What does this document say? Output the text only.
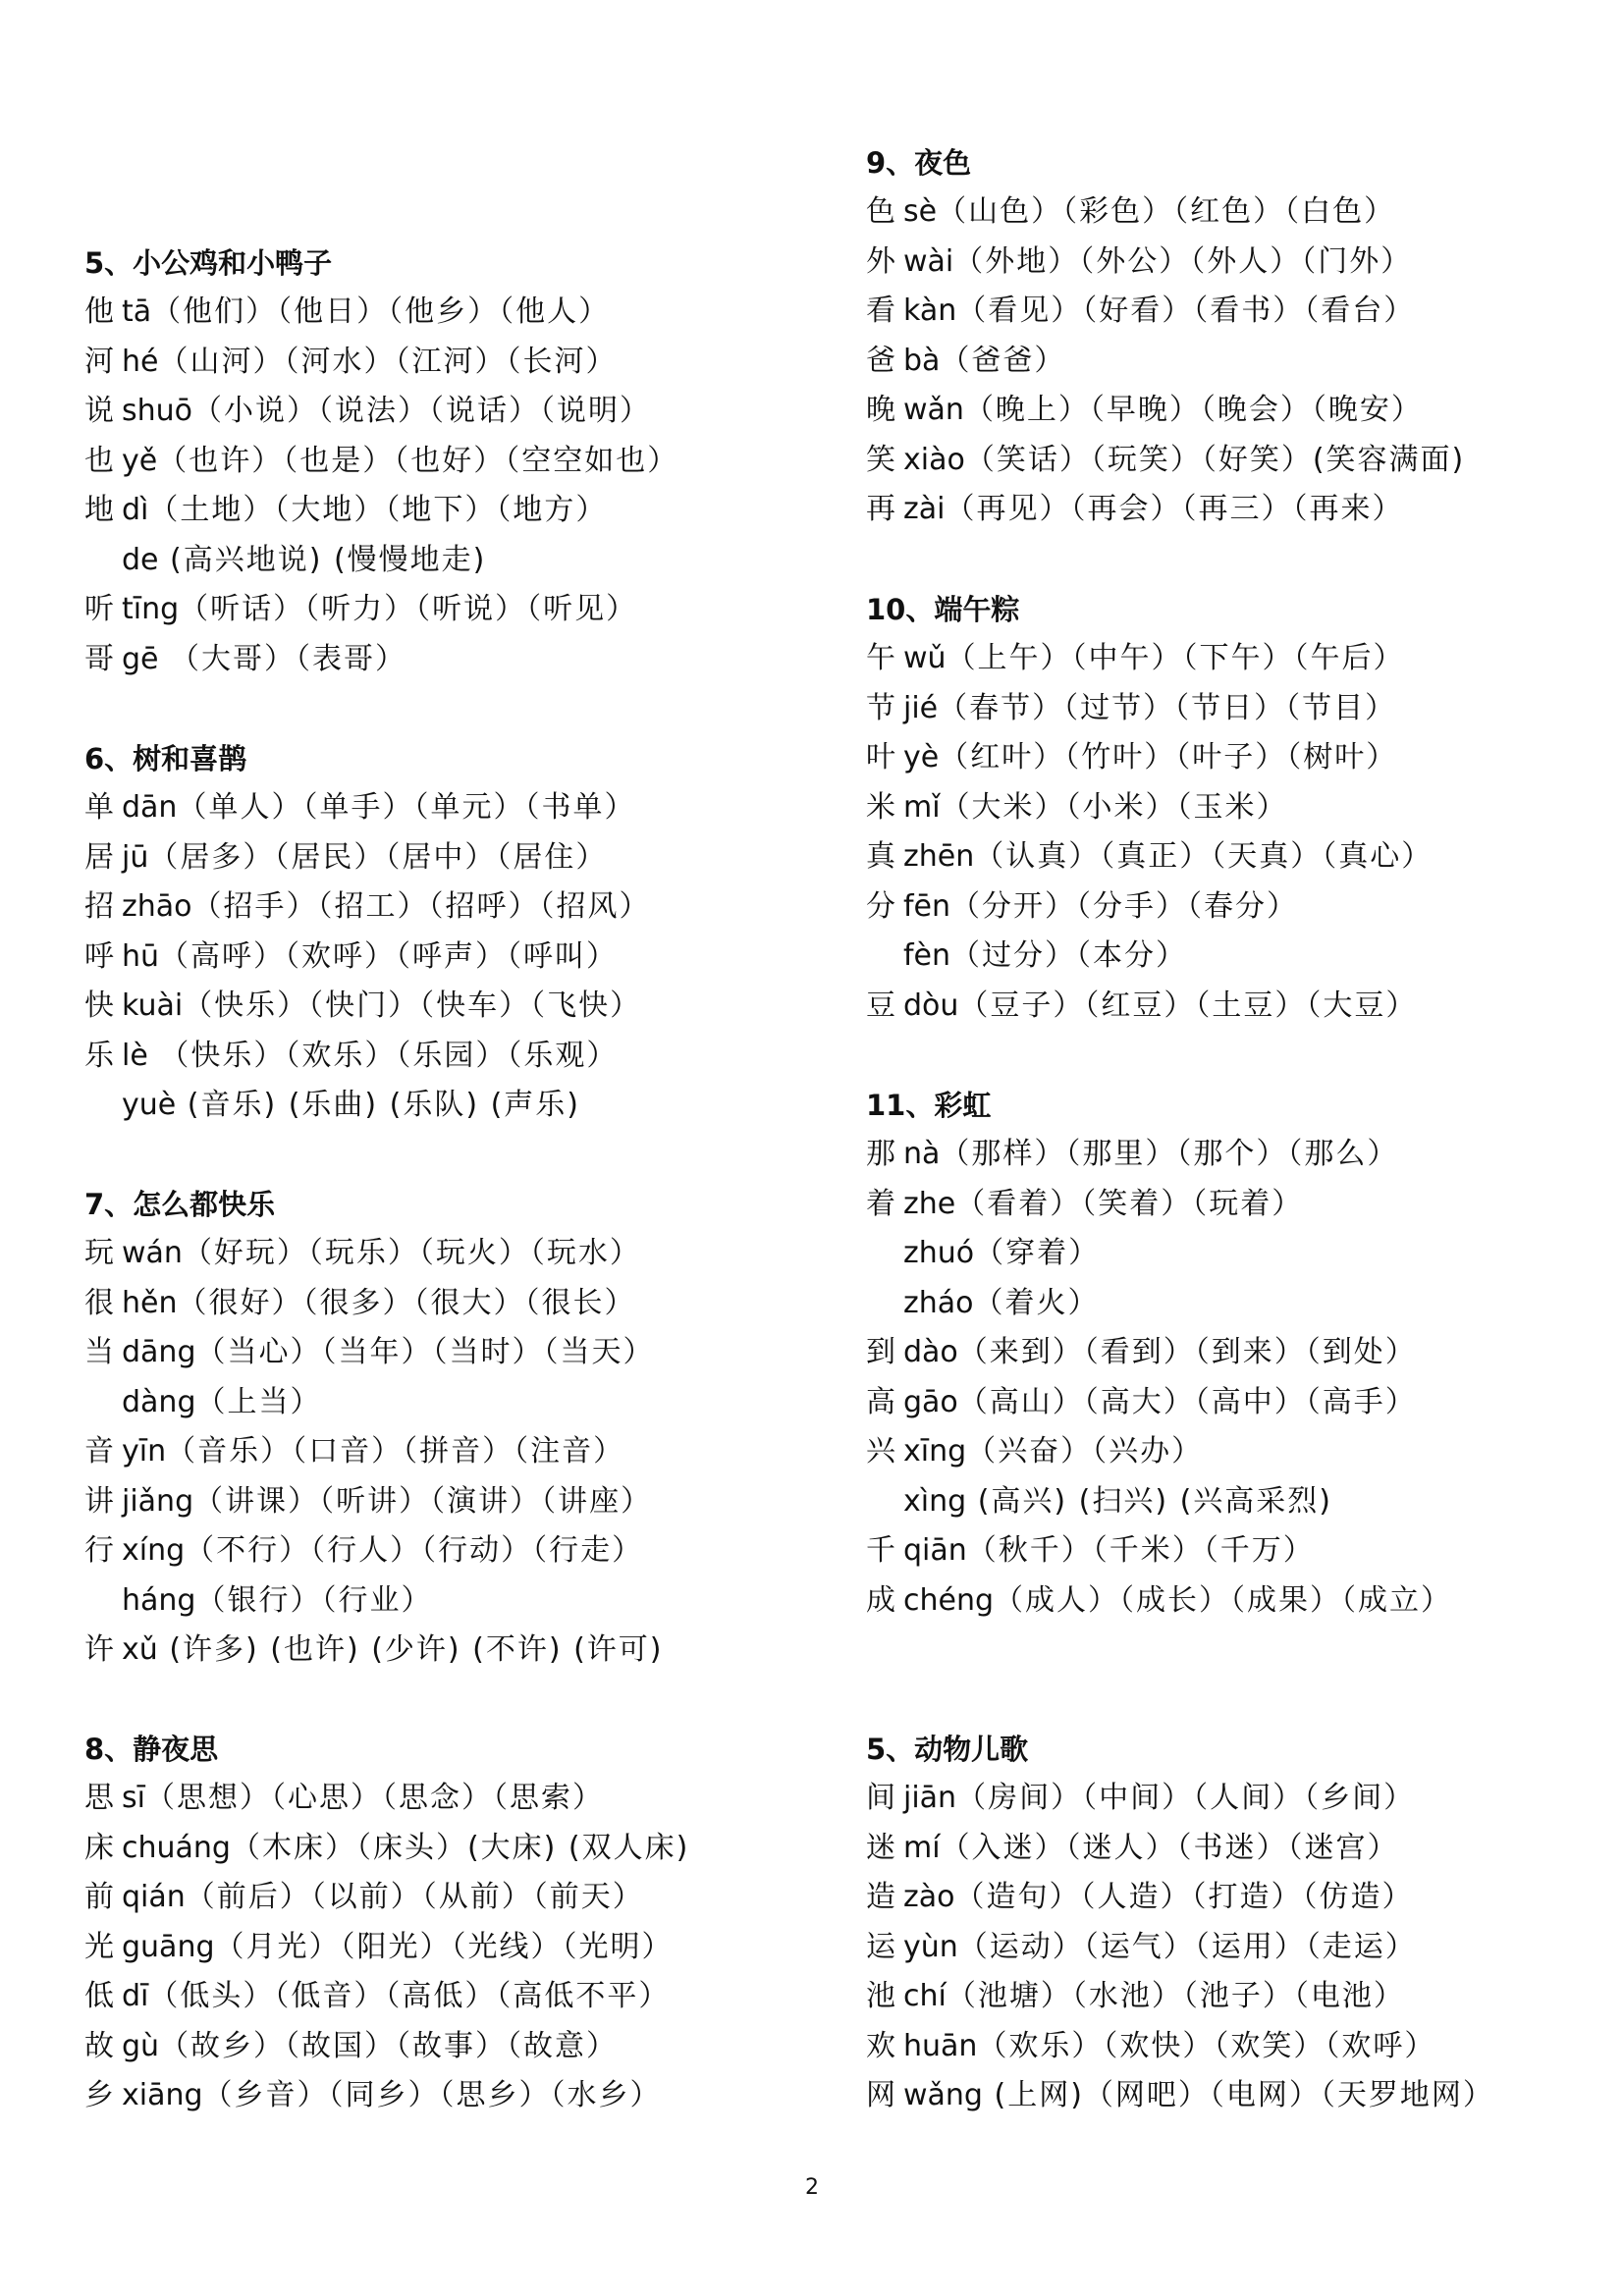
5、小公鸡和小鸭子
他 tā（他们）（他日）（他乡）（他人）
河 hé（山河）（河水）（江河）（长河）
说 shuō（小说）（说法）（说话）（说明）
也 yě（也许）（也是）（也好）（空空如也）
地 dì（土地）（大地）（地下）（地方）
de (高兴地说) (慢慢地走)
听 tīng（听话）（听力）（听说）（听见）
哥 gē （大哥）（表哥）
6、树和喜鹊
单 dān（单人）（单手）（单元）（书单）
居 jū（居多）（居民）（居中）（居住）
招 zhāo（招手）（招工）（招呼）（招风）
呼 hū（高呼）（欢呼）（呼声）（呼叫）
快 kuài（快乐）（快门）（快车）（飞快）
乐 lè （快乐）（欢乐）（乐园）（乐观）
yuè (音乐) (乐曲) (乐队) (声乐)
7、怎么都快乐
玩 wán（好玩）（玩乐）（玩火）（玩水）
很 hěn（很好）（很多）（很大）（很长）
当 dāng（当心）（当年）（当时）（当天）
dàng（上当）
音 yīn（音乐）（口音）（拼音）（注音）
讲 jiǎng（讲课）（听讲）（演讲）（讲座）
行 xíng（不行）（行人）（行动）（行走）
háng（银行）（行业）
许 xǔ (许多) (也许) (少许) (不许) (许可)
8、静夜思
思 sī（思想）（心思）（思念）（思索）
床 chuáng（木床）（床头）(大床) (双人床)
前 qián（前后）（以前）（从前）（前天）
光 guāng（月光）（阳光）（光线）（光明）
低 dī（低头）（低音）（高低）（高低不平）
故 gù（故乡）（故国）（故事）（故意）
乡 xiāng（乡音）（同乡）（思乡）（水乡）
9、夜色
色 sè（山色）（彩色）（红色）（白色）
外 wài（外地）（外公）（外人）（门外）
看 kàn（看见）（好看）（看书）（看台）
爸 bà（爸爸）
晚 wǎn（晚上）（早晚）（晚会）（晚安）
笑 xiào（笑话）（玩笑）（好笑）(笑容满面)
再 zài（再见）（再会）（再三）（再来）
10、端午粽
午 wǔ（上午）（中午）（下午）（午后）
节 jié（春节）（过节）（节日）（节目）
叶 yè（红叶）（竹叶）（叶子）（树叶）
米 mǐ（大米）（小米）（玉米）
真 zhēn（认真）（真正）（天真）（真心）
分 fēn（分开）（分手）（春分）
fèn（过分）（本分）
豆 dòu（豆子）（红豆）（土豆）（大豆）
11、彩虹
那 nà（那样）（那里）（那个）（那么）
着 zhe（看着）（笑着）（玩着）
zhuó（穿着）
zháo（着火）
到 dào（来到）（看到）（到来）（到处）
高 gāo（高山）（高大）（高中）（高手）
兴 xīng（兴奋）（兴办）
xìng (高兴) (扫兴) (兴高采烈)
千 qiān（秋千）（千米）（千万）
成 chéng（成人）（成长）（成果）（成立）
5、动物儿歌
间 jiān（房间）（中间）（人间）（乡间）
迷 mí（入迷）（迷人）（书迷）（迷宫）
造 zào（造句）（人造）（打造）（仿造）
运 yùn（运动）（运气）（运用）（走运）
池 chí（池塘）（水池）（池子）（电池）
欢 huān（欢乐）（欢快）（欢笑）（欢呼）
网 wǎng (上网)（网吧）（电网）（天罗地网）
2
